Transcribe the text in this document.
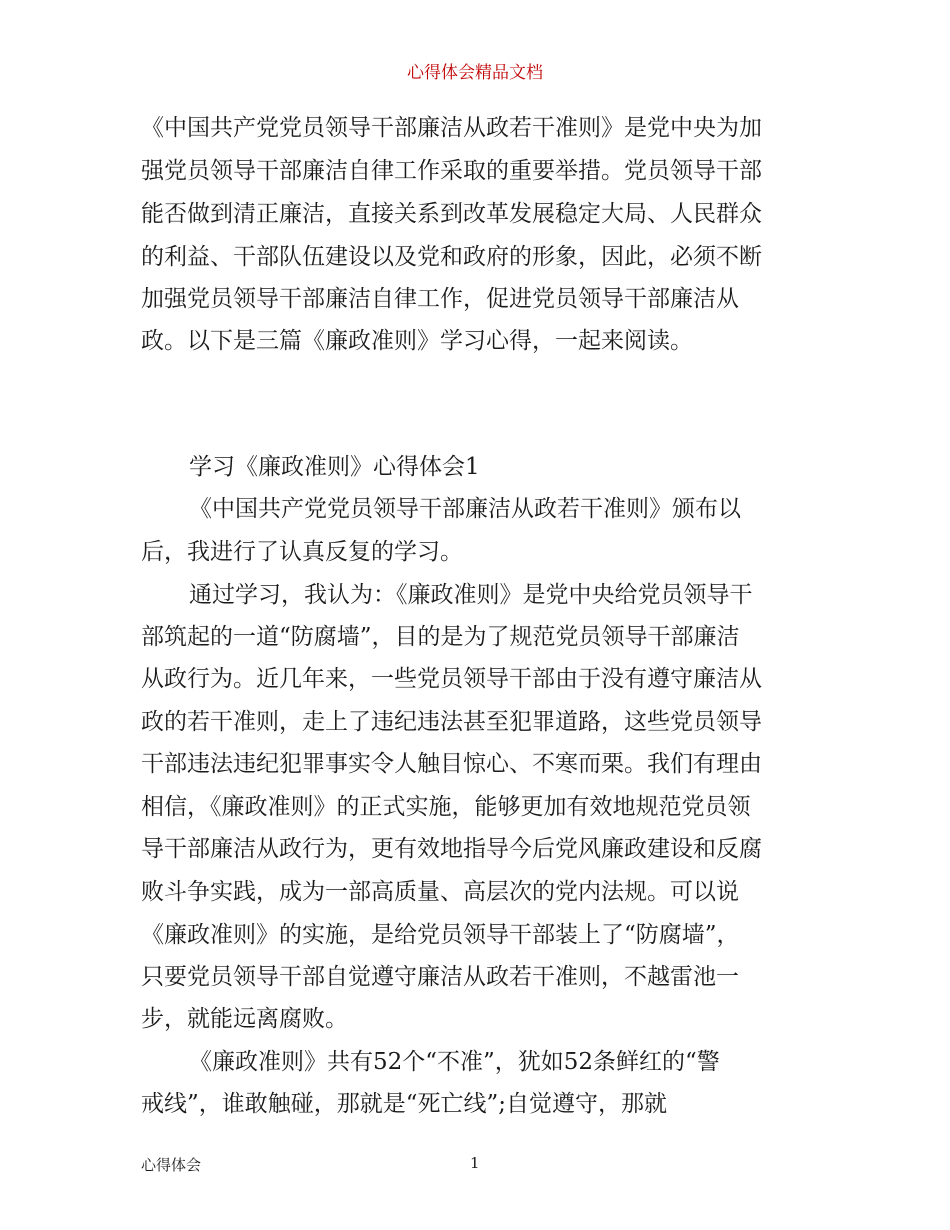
心得体会精品文档
《中国共产党党员领导干部廉洁从政若干准则》是党中央为加
强党员领导干部廉洁自律工作采取的重要举措。党员领导干部
能否做到清正廉洁，直接关系到改革发展稳定大局、人民群众
的利益、干部队伍建设以及党和政府的形象，因此，必须不断
加强党员领导干部廉洁自律工作，促进党员领导干部廉洁从
政。以下是三篇《廉政准则》学习心得，一起来阅读。
学习《廉政准则》心得体会1
《中国共产党党员领导干部廉洁从政若干准则》颁布以
后，我进行了认真反复的学习。
通过学习，我认为：《廉政准则》是党中央给党员领导干
部筑起的一道“防腐墙”，目的是为了规范党员领导干部廉洁
从政行为。近几年来，一些党员领导干部由于没有遵守廉洁从
政的若干准则，走上了违纪违法甚至犯罪道路，这些党员领导
干部违法违纪犯罪事实令人触目惊心、不寒而栗。我们有理由
相信，《廉政准则》的正式实施，能够更加有效地规范党员领
导干部廉洁从政行为，更有效地指导今后党风廉政建设和反腐
败斗争实践，成为一部高质量、高层次的党内法规。可以说
《廉政准则》的实施，是给党员领导干部装上了“防腐墙”，
只要党员领导干部自觉遵守廉洁从政若干准则，不越雷池一
步，就能远离腐败。
《廉政准则》共有52个“不准”，犹如52条鲜红的“警
戒线”，谁敢触碰，那就是“死亡线”;自觉遵守，那就
心得体会	1
